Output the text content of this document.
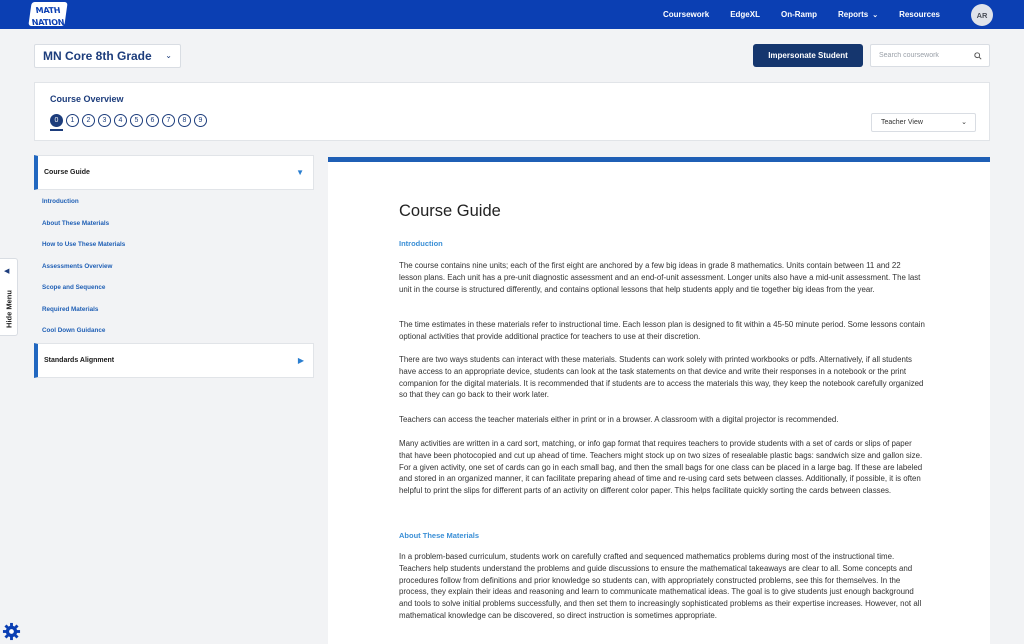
MATH
NATION
Coursework	EdgeXL	On-Ramp	Reports ⌄	Resources	AR
MN Core 8th Grade ⌄	Impersonate Student
Search coursework
Course Overview
0	1	2	3	4	5	6	7	8	9	Teacher View	⌄
Course Guide	▼
Introduction
About These Materials
How to Use These Materials
Assessments Overview
Scope and Sequence
Required Materials
Cool Down Guidance
Standards Alignment	▶
◀
Hide Menu
Course Guide
Introduction
The course contains nine units; each of the first eight are anchored by a few big ideas in grade 8 mathematics. Units contain between 11 and 22 lesson plans. Each unit has a pre-unit diagnostic assessment and an end-of-unit assessment. Longer units also have a mid-unit assessment. The last unit in the course is structured differently, and contains optional lessons that help students apply and tie together big ideas from the year.
The time estimates in these materials refer to instructional time. Each lesson plan is designed to fit within a 45-50 minute period. Some lessons contain optional activities that provide additional practice for teachers to use at their discretion.
There are two ways students can interact with these materials. Students can work solely with printed workbooks or pdfs. Alternatively, if all students have access to an appropriate device, students can look at the task statements on that device and write their responses in a notebook or the print companion for the digital materials. It is recommended that if students are to access the materials this way, they keep the notebook carefully organized so that they can go back to their work later.
Teachers can access the teacher materials either in print or in a browser. A classroom with a digital projector is recommended.
Many activities are written in a card sort, matching, or info gap format that requires teachers to provide students with a set of cards or slips of paper that have been photocopied and cut up ahead of time. Teachers might stock up on two sizes of resealable plastic bags: sandwich size and gallon size. For a given activity, one set of cards can go in each small bag, and then the small bags for one class can be placed in a large bag. If these are labeled and stored in an organized manner, it can facilitate preparing ahead of time and re-using card sets between classes. Additionally, if possible, it is often helpful to print the slips for different parts of an activity on different color paper. This helps facilitate quickly sorting the cards between classes.
About These Materials
In a problem-based curriculum, students work on carefully crafted and sequenced mathematics problems during most of the instructional time. Teachers help students understand the problems and guide discussions to ensure the mathematical takeaways are clear to all. Some concepts and procedures follow from definitions and prior knowledge so students can, with appropriately constructed problems, see this for themselves. In the process, they explain their ideas and reasoning and learn to communicate mathematical ideas. The goal is to give students just enough background and tools to solve initial problems successfully, and then set them to increasingly sophisticated problems as their expertise increases. However, not all mathematical knowledge can be discovered, so direct instruction is sometimes appropriate.
